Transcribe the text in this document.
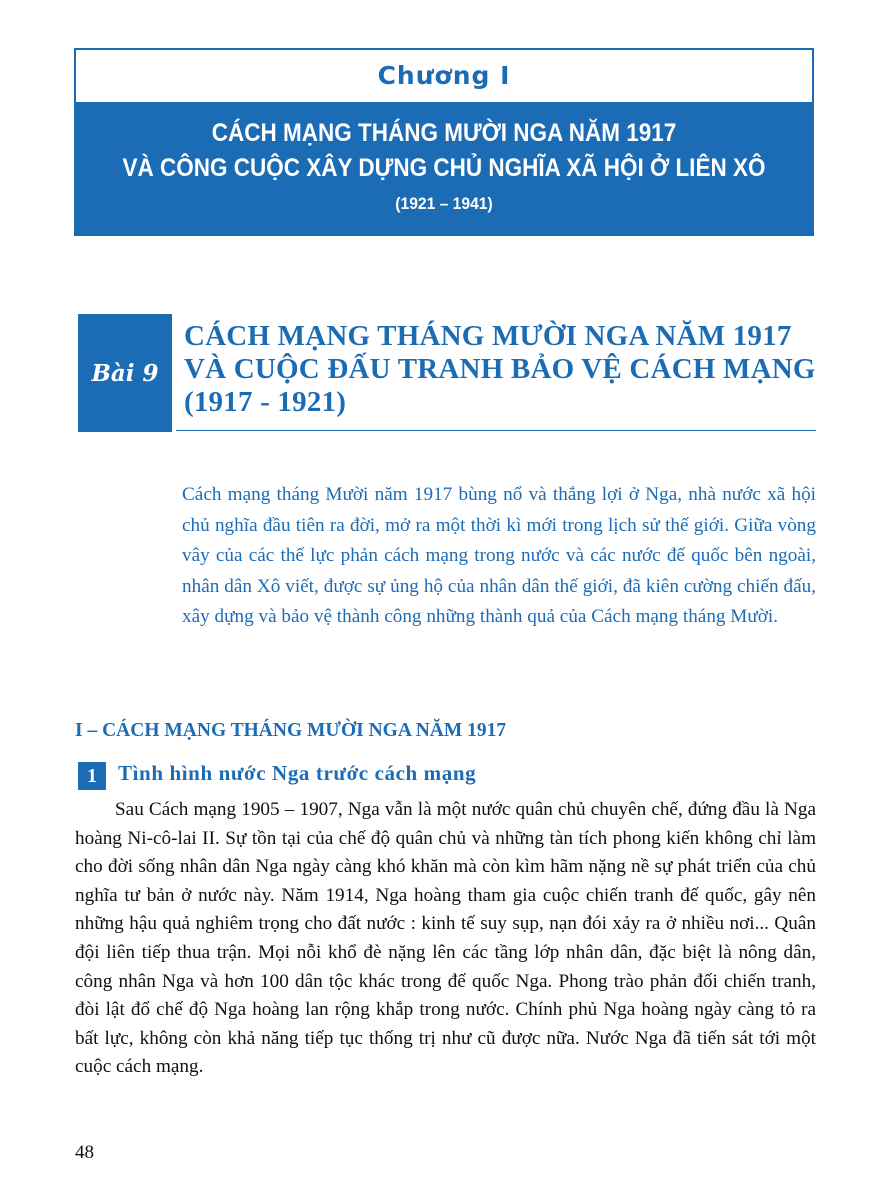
Chương I
CÁCH MẠNG THÁNG MƯỜI NGA NĂM 1917
VÀ CÔNG CUỘC XÂY DỰNG CHỦ NGHĨA XÃ HỘI Ở LIÊN XÔ
(1921 – 1941)
Bài 9
CÁCH MẠNG THÁNG MƯỜI NGA NĂM 1917
VÀ CUỘC ĐẤU TRANH BẢO VỆ CÁCH MẠNG
(1917 - 1921)
Cách mạng tháng Mười năm 1917 bùng nổ và thắng lợi ở Nga, nhà nước xã hội chủ nghĩa đầu tiên ra đời, mở ra một thời kì mới trong lịch sử thế giới. Giữa vòng vây của các thế lực phản cách mạng trong nước và các nước đế quốc bên ngoài, nhân dân Xô viết, được sự ủng hộ của nhân dân thế giới, đã kiên cường chiến đấu, xây dựng và bảo vệ thành công những thành quả của Cách mạng tháng Mười.
I – CÁCH MẠNG THÁNG MƯỜI NGA NĂM 1917
1	Tình hình nước Nga trước cách mạng
Sau Cách mạng 1905 – 1907, Nga vẫn là một nước quân chủ chuyên chế, đứng đầu là Nga hoàng Ni-cô-lai II. Sự tồn tại của chế độ quân chủ và những tàn tích phong kiến không chỉ làm cho đời sống nhân dân Nga ngày càng khó khăn mà còn kìm hãm nặng nề sự phát triển của chủ nghĩa tư bản ở nước này. Năm 1914, Nga hoàng tham gia cuộc chiến tranh đế quốc, gây nên những hậu quả nghiêm trọng cho đất nước : kinh tế suy sụp, nạn đói xảy ra ở nhiều nơi... Quân đội liên tiếp thua trận. Mọi nỗi khổ đè nặng lên các tầng lớp nhân dân, đặc biệt là nông dân, công nhân Nga và hơn 100 dân tộc khác trong đế quốc Nga. Phong trào phản đối chiến tranh, đòi lật đổ chế độ Nga hoàng lan rộng khắp trong nước. Chính phủ Nga hoàng ngày càng tỏ ra bất lực, không còn khả năng tiếp tục thống trị như cũ được nữa. Nước Nga đã tiến sát tới một cuộc cách mạng.
48
